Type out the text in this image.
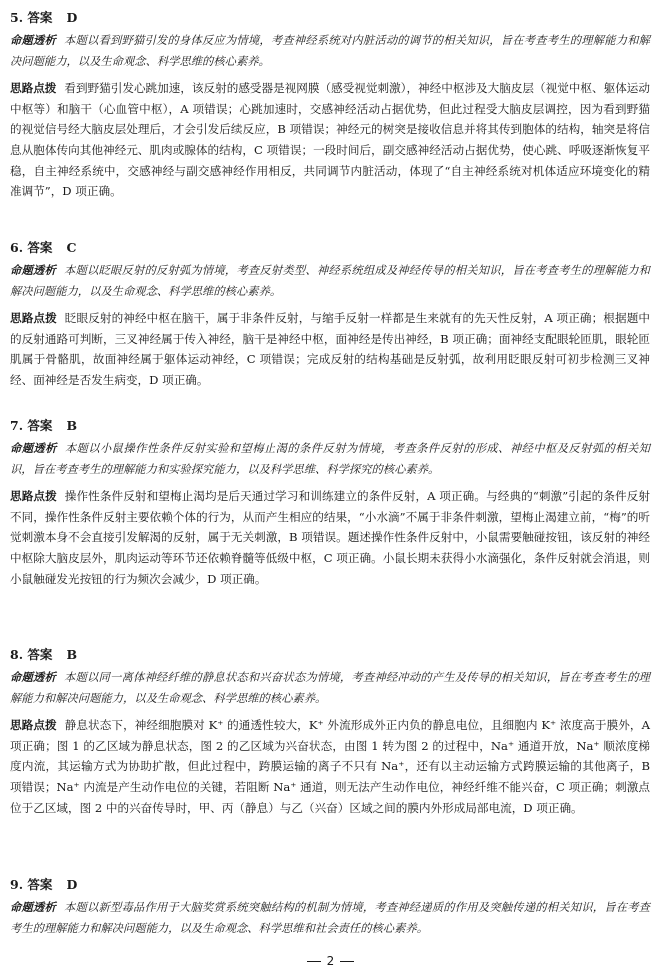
5. 答案 D

命题透析 本题以看到野猫引发的身体反应为情境，考查神经系统对内脏活动的调节的相关知识，旨在考查考生的理解能力和解决问题能力，以及生命观念、科学思维的核心素养。

思路点拨 看到野猫引发心跳加速，该反射的感受器是视网膜（感受视觉刺激），神经中枢涉及大脑皮层（视觉中枢、躯体运动中枢等）和脑干（心血管中枢），A 项错误；心跳加速时，交感神经活动占据优势，但此过程受大脑皮层调控，因为看到野猫的视觉信号经大脑皮层处理后，才会引发后续反应，B 项错误；神经元的树突是接收信息并将其传到胞体的结构，轴突是将信息从胞体传向其他神经元、肌肉或腺体的结构，C 项错误；一段时间后，副交感神经活动占据优势，使心跳、呼吸逐渐恢复平稳，自主神经系统中，交感神经与副交感神经作用相反，共同调节内脏活动，体现了“自主神经系统对机体适应环境变化的精准调节”，D 项正确。

6. 答案 C

命题透析 本题以眨眼反射的反射弧为情境，考查反射类型、神经系统组成及神经传导的相关知识，旨在考查考生的理解能力和解决问题能力，以及生命观念、科学思维的核心素养。

思路点拨 眨眼反射的神经中枢在脑干，属于非条件反射，与缩手反射一样都是生来就有的先天性反射，A 项正确；根据题中的反射通路可判断，三叉神经属于传入神经，脑干是神经中枢，面神经是传出神经，B 项正确；面神经支配眼轮匝肌，眼轮匝肌属于骨骼肌，故面神经属于躯体运动神经，C 项错误；完成反射的结构基础是反射弧，故利用眨眼反射可初步检测三叉神经、面神经是否发生病变，D 项正确。

7. 答案 B

命题透析 本题以小鼠操作性条件反射实验和望梅止渴的条件反射为情境，考查条件反射的形成、神经中枢及反射弧的相关知识，旨在考查考生的理解能力和实验探究能力，以及科学思维、科学探究的核心素养。

思路点拨 操作性条件反射和望梅止渴均是后天通过学习和训练建立的条件反射，A 项正确。与经典的“刺激”引起的条件反射不同，操作性条件反射主要依赖个体的行为，从而产生相应的结果，“小水滴”不属于非条件刺激，望梅止渴建立前，“梅”的听觉刺激本身不会直接引发解渴的反射，属于无关刺激，B 项错误。题述操作性条件反射中，小鼠需要触碰按钮，该反射的神经中枢除大脑皮层外，肌肉运动等环节还依赖脊髓等低级中枢，C 项正确。小鼠长期未获得小水滴强化，条件反射就会消退，则小鼠触碰发光按钮的行为频次会减少，D 项正确。

8. 答案 B

命题透析 本题以同一离体神经纤维的静息状态和兴奋状态为情境，考查神经冲动的产生及传导的相关知识，旨在考查考生的理解能力和解决问题能力，以及生命观念、科学思维的核心素养。

思路点拨 静息状态下，神经细胞膜对 K⁺ 的通透性较大，K⁺ 外流形成外正内负的静息电位，且细胞内 K⁺ 浓度高于膜外，A 项正确；图 1 的乙区域为静息状态，图 2 的乙区域为兴奋状态，由图 1 转为图 2 的过程中，Na⁺ 通道开放，Na⁺ 顺浓度梯度内流，其运输方式为协助扩散，但此过程中，跨膜运输的离子不只有 Na⁺，还有以主动运输方式跨膜运输的其他离子，B 项错误；Na⁺ 内流是产生动作电位的关键，若阻断 Na⁺ 通道，则无法产生动作电位，神经纤维不能兴奋，C 项正确；刺激点位于乙区域，图 2 中的兴奋传导时，甲、丙（静息）与乙（兴奋）区域之间的膜内外形成局部电流，D 项正确。

9. 答案 D

命题透析 本题以新型毒品作用于大脑奖赏系统突触结构的机制为情境，考查神经递质的作用及突触传递的相关知识，旨在考查考生的理解能力和解决问题能力，以及生命观念、科学思维和社会责任的核心素养。

2
